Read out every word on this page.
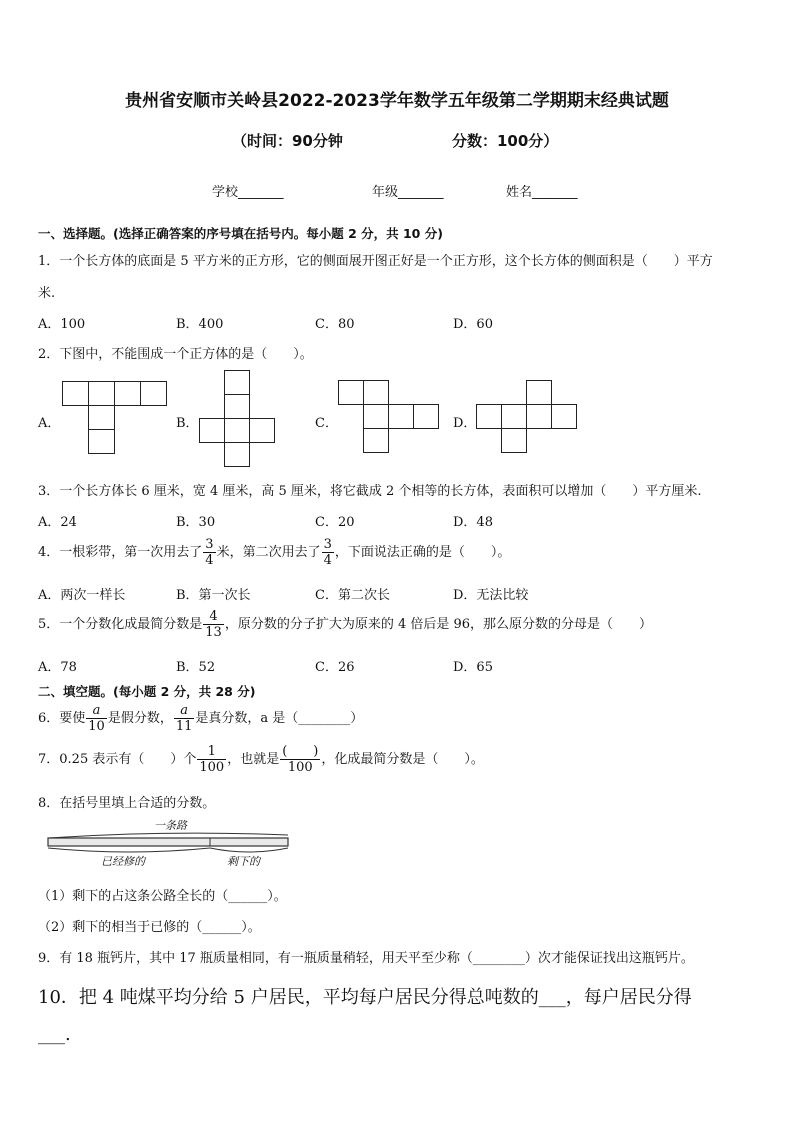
贵州省安顺市关岭县2022-2023学年数学五年级第二学期期末经典试题
（时间：90分钟	分数：100分）
学校_______	年级_______	姓名_______
一、选择题。(选择正确答案的序号填在括号内。每小题 2 分，共 10 分)
1．一个长方体的底面是 5 平方米的正方形，它的侧面展开图正好是一个正方形，这个长方体的侧面积是（　　）平方
米.
A．100	B．400	C．80	D．60
2．下图中，不能围成一个正方体的是（　　）。
A．	B．	C．	D．
3．一个长方体长 6 厘米，宽 4 厘米，高 5 厘米，将它截成 2 个相等的长方体，表面积可以增加（　　）平方厘米.
A．24	B．30	C．20	D．48
4．一根彩带，第一次用去了 $\frac{3}{4}$ 米，第二次用去了 $\frac{3}{4}$ ，下面说法正确的是（　　）。
A．两次一样长	B．第一次长	C．第二次长	D．无法比较
5．一个分数化成最简分数是 $\frac{4}{13}$ ，原分数的分子扩大为原来的 4 倍后是 96，那么原分数的分母是（　　）
A．78	B．52	C．26	D．65
二、填空题。(每小题 2 分，共 28 分)
6．要使 $\frac{a}{10}$ 是假分数， $\frac{a}{11}$ 是真分数，a 是（________）
7．0.25 表示有（　　）个 $\frac{1}{100}$ ，也就是 $\frac{( )}{100}$ ，化成最简分数是（　　）。
8．在括号里填上合适的分数。
一条路
已经修的	剩下的
（1）剩下的占这条公路全长的（______）。
（2）剩下的相当于已修的（______）。
9．有 18 瓶钙片，其中 17 瓶质量相同，有一瓶质量稍轻，用天平至少称（________）次才能保证找出这瓶钙片。
10．把 4 吨煤平均分给 5 户居民，平均每户居民分得总吨数的___，每户居民分得
___.
